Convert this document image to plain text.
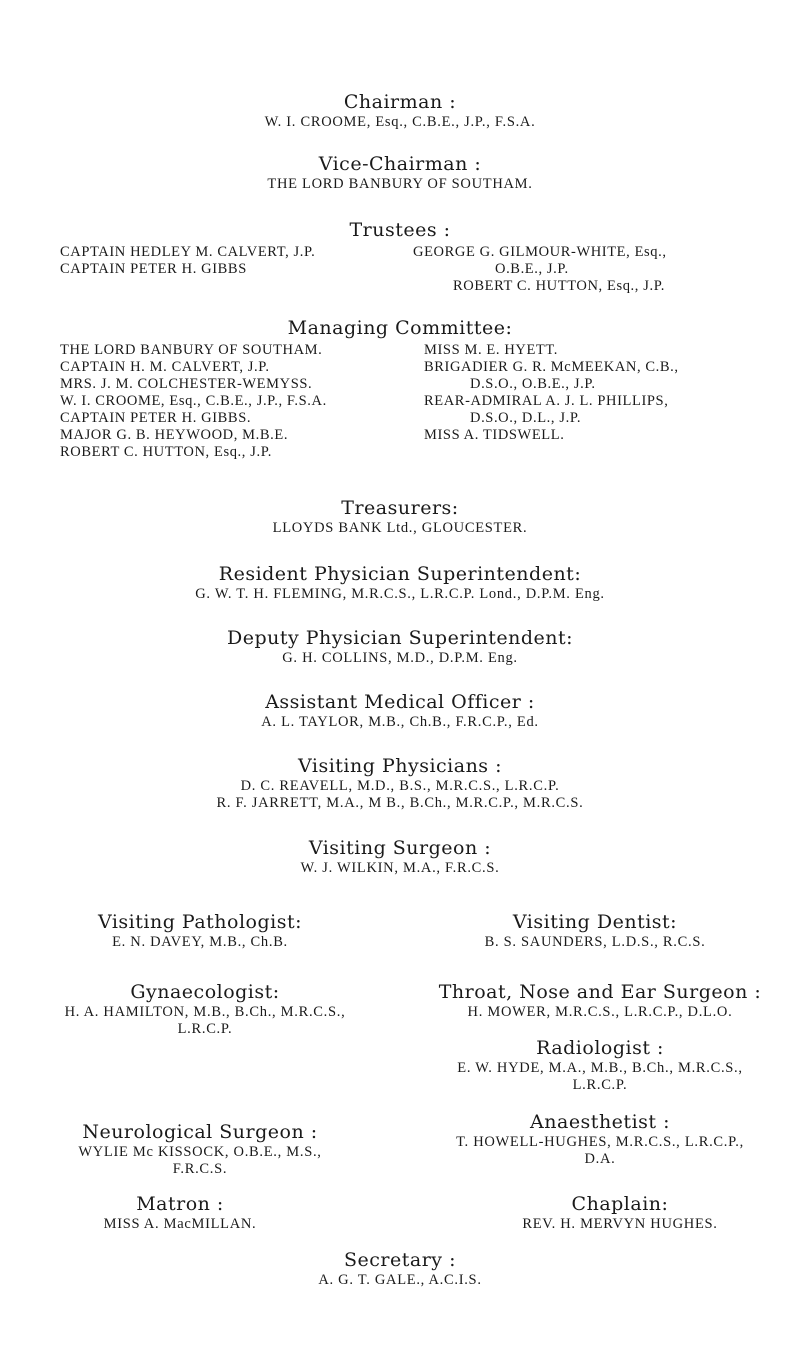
Chairman :
W. I. CROOME, Esq., C.B.E., J.P., F.S.A.
Vice-Chairman :
THE LORD BANBURY OF SOUTHAM.
Trustees :
CAPTAIN HEDLEY M. CALVERT, J.P.
CAPTAIN PETER H. GIBBS
GEORGE G. GILMOUR-WHITE, Esq.,
O.B.E., J.P.
ROBERT C. HUTTON, Esq., J.P.
Managing Committee:
THE LORD BANBURY OF SOUTHAM.
CAPTAIN H. M. CALVERT, J.P.
MRS. J. M. COLCHESTER-WEMYSS.
W. I. CROOME, Esq., C.B.E., J.P., F.S.A.
CAPTAIN PETER H. GIBBS.
MAJOR G. B. HEYWOOD, M.B.E.
ROBERT C. HUTTON, Esq., J.P.
MISS M. E. HYETT.
BRIGADIER G. R. McMEEKAN, C.B.,
D.S.O., O.B.E., J.P.
REAR-ADMIRAL A. J. L. PHILLIPS,
D.S.O., D.L., J.P.
MISS A. TIDSWELL.
Treasurers:
LLOYDS BANK Ltd., GLOUCESTER.
Resident Physician Superintendent:
G. W. T. H. FLEMING, M.R.C.S., L.R.C.P. Lond., D.P.M. Eng.
Deputy Physician Superintendent:
G. H. COLLINS, M.D., D.P.M. Eng.
Assistant Medical Officer :
A. L. TAYLOR, M.B., Ch.B., F.R.C.P., Ed.
Visiting Physicians :
D. C. REAVELL, M.D., B.S., M.R.C.S., L.R.C.P.
R. F. JARRETT, M.A., M B., B.Ch., M.R.C.P., M.R.C.S.
Visiting Surgeon :
W. J. WILKIN, M.A., F.R.C.S.
Visiting Pathologist:
E. N. DAVEY, M.B., Ch.B.
Visiting Dentist:
B. S. SAUNDERS, L.D.S., R.C.S.
Gynaecologist:
H. A. HAMILTON, M.B., B.Ch., M.R.C.S.,
L.R.C.P.
Throat, Nose and Ear Surgeon :
H. MOWER, M.R.C.S., L.R.C.P., D.L.O.
Radiologist :
E. W. HYDE, M.A., M.B., B.Ch., M.R.C.S.,
L.R.C.P.
Neurological Surgeon :
WYLIE Mc KISSOCK, O.B.E., M.S.,
F.R.C.S.
Anaesthetist :
T. HOWELL-HUGHES, M.R.C.S., L.R.C.P.,
D.A.
Matron :
MISS A. MacMILLAN.
Chaplain:
REV. H. MERVYN HUGHES.
Secretary :
A. G. T. GALE., A.C.I.S.
